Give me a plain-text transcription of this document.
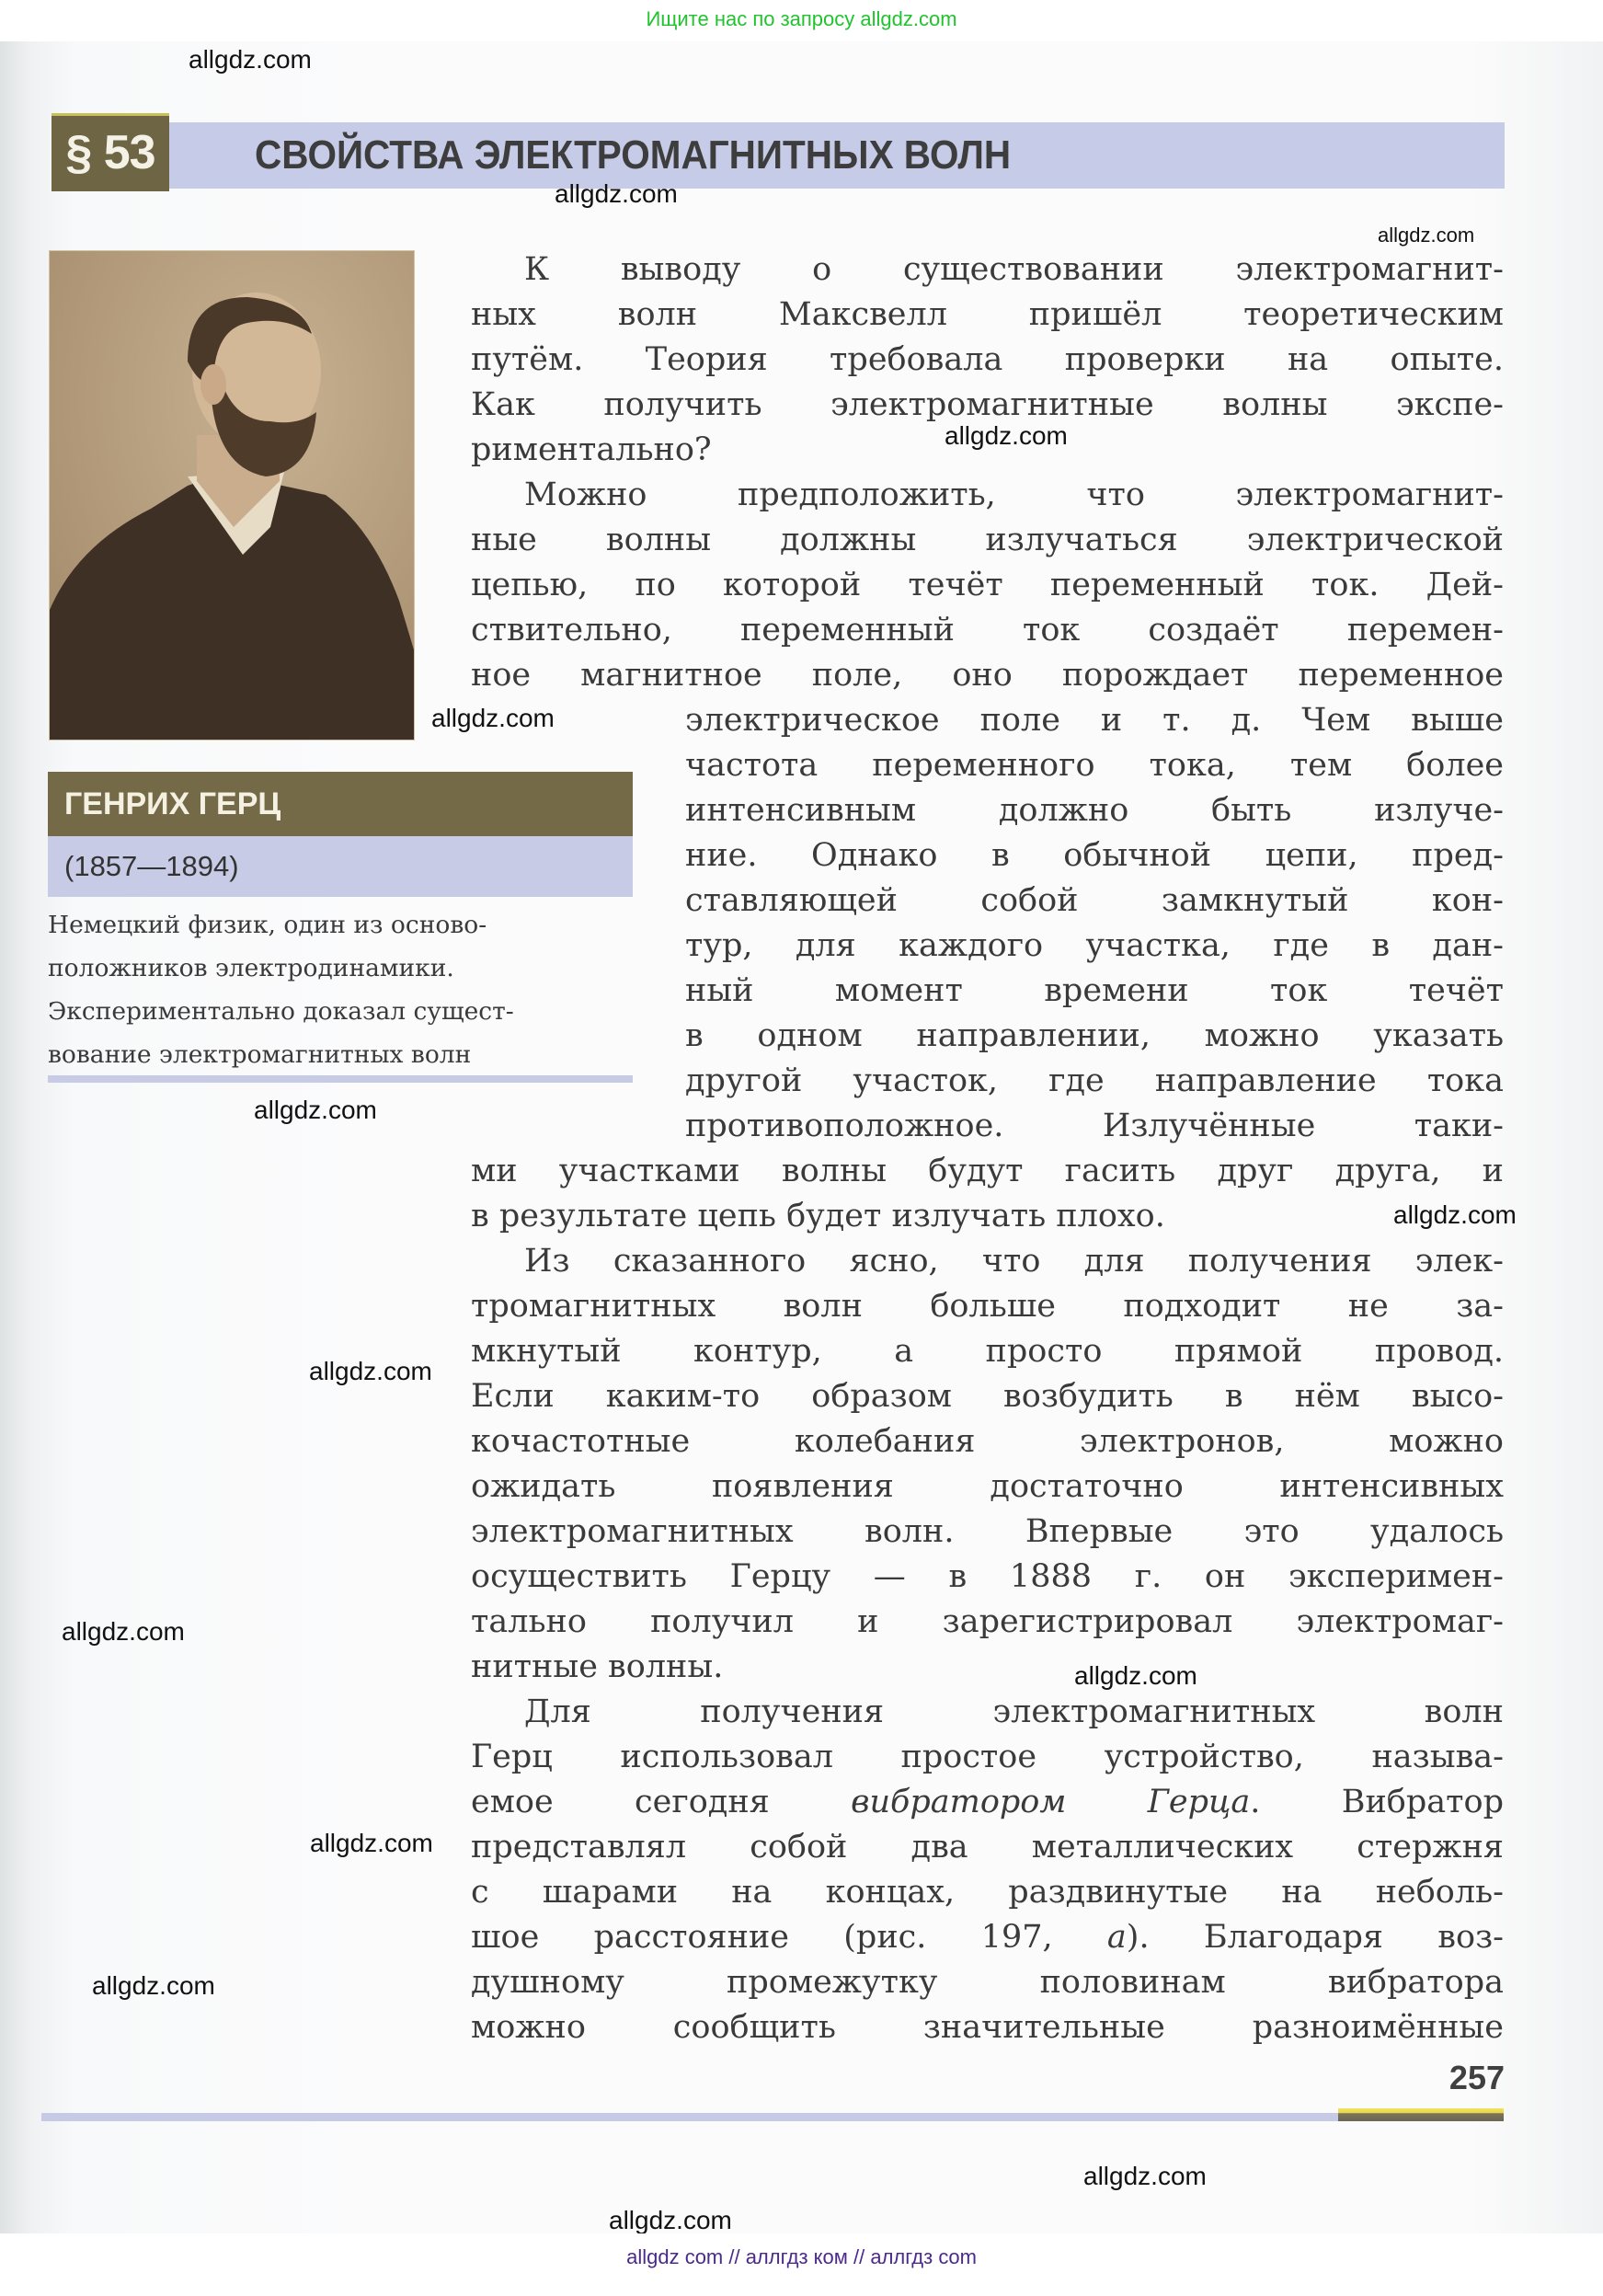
Ищите нас по запросу allgdz.com
§ 53	СВОЙСТВА ЭЛЕКТРОМАГНИТНЫХ ВОЛН
ГЕНРИХ ГЕРЦ
(1857—1894)
Немецкий физик, один из осново-
положников электродинамики.
Экспериментально доказал сущест-
вование электромагнитных волн
К выводу о существовании электромагнит-
ных волн Максвелл пришёл теоретическим
путём. Теория требовала проверки на опыте.
Как получить электромагнитные волны экспе-
риментально?
Можно предположить, что электромагнит-
ные волны должны излучаться электрической
цепью, по которой течёт переменный ток. Дей-
ствительно, переменный ток создаёт перемен-
ное магнитное поле, оно порождает переменное
электрическое поле и т. д. Чем выше
частота переменного тока, тем более
интенсивным должно быть излуче-
ние. Однако в обычной цепи, пред-
ставляющей собой замкнутый кон-
тур, для каждого участка, где в дан-
ный момент времени ток течёт
в одном направлении, можно указать
другой участок, где направление тока
противоположное. Излучённые таки-
ми участками волны будут гасить друг друга, и
в результате цепь будет излучать плохо.
Из сказанного ясно, что для получения элек-
тромагнитных волн больше подходит не за-
мкнутый контур, а просто прямой провод.
Если каким-то образом возбудить в нём высо-
кочастотные колебания электронов, можно
ожидать появления достаточно интенсивных
электромагнитных волн. Впервые это удалось
осуществить Герцу — в 1888 г. он эксперимен-
тально получил и зарегистрировал электромаг-
нитные волны.
Для получения электромагнитных волн
Герц использовал простое устройство, называ-
емое сегодня вибратором Герца. Вибратор
представлял собой два металлических стержня
с шарами на концах, раздвинутые на неболь-
шое расстояние (рис. 197, а). Благодаря воз-
душному промежутку половинам вибратора
можно сообщить значительные разноимённые
257
allgdz.com
allgdz.com
allgdz.com
allgdz.com
allgdz.com
allgdz.com
allgdz.com
allgdz.com
allgdz.com
allgdz.com
allgdz.com
allgdz.com
allgdz.com
allgdz.com
allgdz com // аллгдз ком // аллгдз com
